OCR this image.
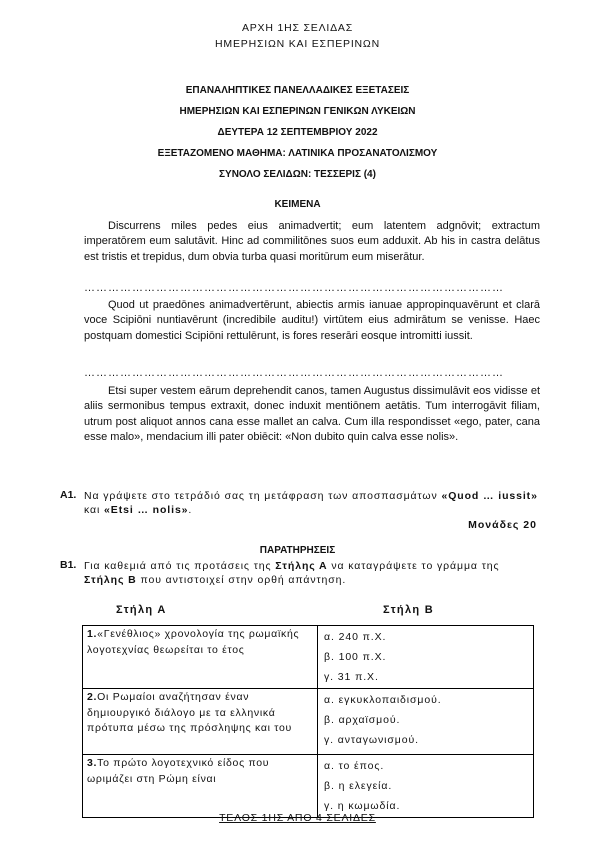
ΑΡΧΗ 1ΗΣ ΣΕΛΙΔΑΣ
ΗΜΕΡΗΣΙΩΝ ΚΑΙ ΕΣΠΕΡΙΝΩΝ
ΕΠΑΝΑΛΗΠΤΙΚΕΣ ΠΑΝΕΛΛΑΔΙΚΕΣ ΕΞΕΤΑΣΕΙΣ
ΗΜΕΡΗΣΙΩΝ ΚΑΙ ΕΣΠΕΡΙΝΩΝ ΓΕΝΙΚΩΝ ΛΥΚΕΙΩΝ
ΔΕΥΤΕΡΑ 12 ΣΕΠΤΕΜΒΡΙΟΥ 2022
ΕΞΕΤΑΖΟΜΕΝΟ ΜΑΘΗΜΑ: ΛΑΤΙΝΙΚΑ ΠΡΟΣΑΝΑΤΟΛΙΣΜΟΥ
ΣΥΝΟΛΟ ΣΕΛΙΔΩΝ: ΤΕΣΣΕΡΙΣ (4)
ΚΕΙΜΕΝΑ

Discurrens miles pedes eius animadvertit; eum latentem adgnōvit; extractum imperatōrem eum salutāvit. Hinc ad commilitōnes suos eum adduxit. Ab his in castra delātus est tristis et trepidus, dum obvia turba quasi moritūrum eum miserātur.

……………………………………………………………………………………………

Quod ut praedōnes animadvertērunt, abiectis armis ianuae appropinquavērunt et clarā voce Scipiōni nuntiavērunt (incredibile auditu!) virtūtem eius admirātum se venisse. Haec postquam domestici Scipiōni rettulērunt, is fores reserāri eosque intromitti iussit.

……………………………………………………………………………………………

Etsi super vestem eārum deprehendit canos, tamen Augustus dissimulāvit eos vidisse et aliis sermonibus tempus extraxit, donec induxit mentiōnem aetātis. Tum interrogāvit filiam, utrum post aliquot annos cana esse mallet an calva. Cum illa respondisset «ego, pater, cana esse malo», mendacium illi pater obiēcit: «Non dubito quin calva esse nolis».

A1. Να γράψετε στο τετράδιό σας τη μετάφραση των αποσπασμάτων «Quod … iussit» και «Etsi … nolis».

Μονάδες 20
ΠΑΡΑΤΗΡΗΣΕΙΣ
B1. Για καθεμιά από τις προτάσεις της Στήλης Α να καταγράψετε το γράμμα της Στήλης Β που αντιστοιχεί στην ορθή απάντηση.

Στήλη Α	Στήλη Β
1.«Γενέθλιος» χρονολογία της ρωμαϊκής λογοτεχνίας θεωρείται το έτος	α. 240 π.Χ.
β. 100 π.Χ.
γ. 31 π.Χ.

2.Οι Ρωμαίοι αναζήτησαν έναν δημιουργικό διάλογο με τα ελληνικά πρότυπα μέσω της πρόσληψης και του	α. εγκυκλοπαιδισμού.
β. αρχαϊσμού.
γ. ανταγωνισμού.

3.Το πρώτο λογοτεχνικό είδος που ωριμάζει στη Ρώμη είναι	α. το έπος.
β. η ελεγεία.
γ. η κωμωδία.
ΤΕΛΟΣ 1ΗΣ ΑΠΟ 4 ΣΕΛΙΔΕΣ
